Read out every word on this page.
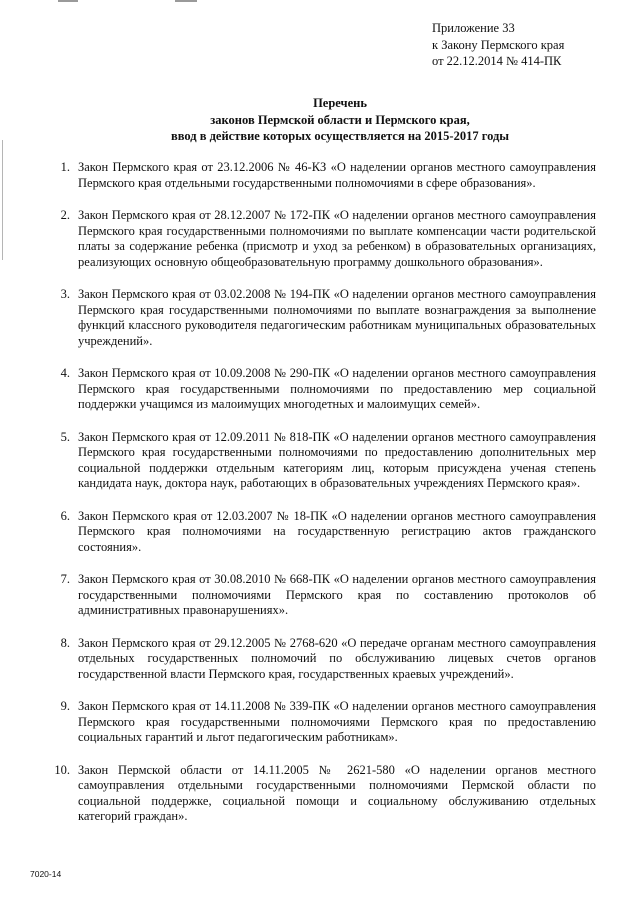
Приложение 33
к Закону Пермского края
от 22.12.2014 № 414-ПК
Перечень
законов Пермской области и Пермского края,
ввод в действие которых осуществляется на 2015-2017 годы
1. Закон Пермского края от 23.12.2006 № 46-КЗ «О наделении органов местного самоуправления Пермского края отдельными государственными полномочиями в сфере образования».
2. Закон Пермского края от 28.12.2007 № 172-ПК «О наделении органов местного самоуправления Пермского края государственными полномочиями по выплате компенсации части родительской платы за содержание ребенка (присмотр и уход за ребенком) в образовательных организациях, реализующих основную общеобразовательную программу дошкольного образования».
3. Закон Пермского края от 03.02.2008 № 194-ПК «О наделении органов местного самоуправления Пермского края государственными полномочиями по выплате вознаграждения за выполнение функций классного руководителя педагогическим работникам муниципальных образовательных учреждений».
4. Закон Пермского края от 10.09.2008 № 290-ПК «О наделении органов местного самоуправления Пермского края государственными полномочиями по предоставлению мер социальной поддержки учащимся из малоимущих многодетных и малоимущих семей».
5. Закон Пермского края от 12.09.2011 № 818-ПК «О наделении органов местного самоуправления Пермского края государственными полномочиями по предоставлению дополнительных мер социальной поддержки отдельным категориям лиц, которым присуждена ученая степень кандидата наук, доктора наук, работающих в образовательных учреждениях Пермского края».
6. Закон Пермского края от 12.03.2007 № 18-ПК «О наделении органов местного самоуправления Пермского края полномочиями на государственную регистрацию актов гражданского состояния».
7. Закон Пермского края от 30.08.2010 № 668-ПК «О наделении органов местного самоуправления государственными полномочиями Пермского края по составлению протоколов об административных правонарушениях».
8. Закон Пермского края от 29.12.2005 № 2768-620 «О передаче органам местного самоуправления отдельных государственных полномочий по обслуживанию лицевых счетов органов государственной власти Пермского края, государственных краевых учреждений».
9. Закон Пермского края от 14.11.2008 № 339-ПК «О наделении органов местного самоуправления Пермского края государственными полномочиями Пермского края по предоставлению социальных гарантий и льгот педагогическим работникам».
10. Закон Пермской области от 14.11.2005 № 2621-580 «О наделении органов местного самоуправления отдельными государственными полномочиями Пермской области по социальной поддержке, социальной помощи и социальному обслуживанию отдельных категорий граждан».
7020-14
